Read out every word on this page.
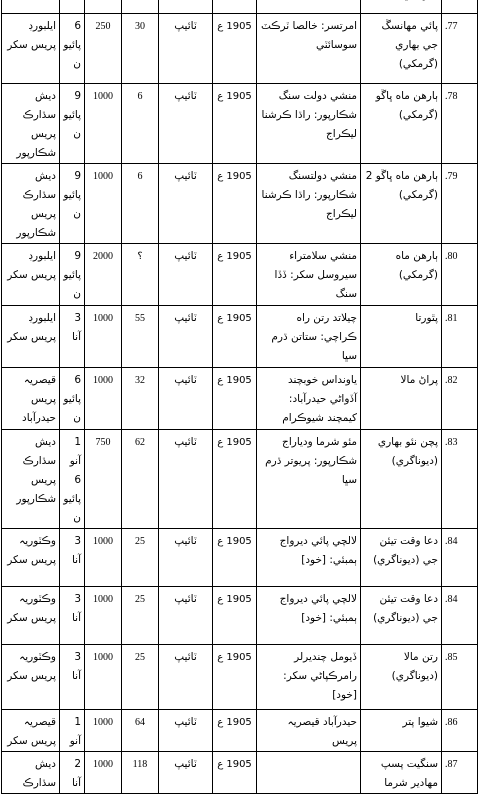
.77	پائي مهانسڱ جي بهاري (گرمکي)	امرتسر: خالصا ٽرڪٽ سوسائٽي	1905 ع	ٽائيپ	30	250	6 پائيون	ايلبورڊ پريس سکر
.78	ٻارهن ماه ڀاڱو (گرمکي)	منشي دولت سنگ شڪارپور: راڌا ڪرشنا ليڪراج	1905 ع	ٽائيپ	6	1000	9 پائيون	ديش سڌارڪ پريس شڪارپور
.79	ٻارهن ماه ڀاڱو 2 (گرمکي)	منشي دولتسنگ شڪارپور: راڌا ڪرشنا ليڪراج	1905 ع	ٽائيپ	6	1000	9 پائيون	ديش سڌارڪ پريس شڪارپور
.80	ٻارهن ماه (گرمکي)	منشي سلامتراء سيروسل سکر: ڏڏا سنگ	1905 ع	ٽائيپ	؟	2000	9 پائيون	ايلبورڊ پريس سکر
.81	پٿورتا	چيلاتد رتن راه ڪراچي: ستاتن ڌرم سڀا	1905 ع	ٽائيپ	55	1000	3 آنا	ايلبورڊ پريس سکر
.82	پراڻ مالا	ياونداس خوبچند آڏواڻي حيدرآباد: کيمچند شيوڪرام	1905 ع	ٽائيپ	32	1000	6 پائيون	قيصريہ پريس حيدرآباد
.83	پچن نئو بهاري (ديوناگري)	مئو شرما ودياراج شڪارپور: پريوتر ڌرم سڀا	1905 ع	ٽائيپ	62	750	1 آنو 6 پائيون	ديش سڌارڪ پريس شڪارپور
.84	دعا وقت تيئن جي (ديوناگري)	لالچي پائي ديرواج ٻمبئي: [خود]	1905 ع	ٽائيپ	25	1000	3 آنا	وڪٽوريہ پريس سکر
.84	دعا وقت تيئن جي (ديوناگري)	لالچي پائي ديرواج ٻمبئي: [خود]	1905 ع	ٽائيپ	25	1000	3 آنا	وڪٽوريہ پريس سکر
.85	رتن مالا (ديوناگري)	ڏيومل چنديرلر رامرڪپاڻي سکر: [خود]	1905 ع	ٽائيپ	25	1000	3 آنا	وڪٽوريہ پريس سکر
.86	شيوا پتر	حيدرآباد قيصريہ پريس	1905 ع	ٽائيپ	64	1000	1 آنو	قيصريہ پريس سکر
.87	سنگيت پسپ مهادير شرما		1905 ع	ٽائيپ	118	1000	2 آنا	ديش سڌارڪ
